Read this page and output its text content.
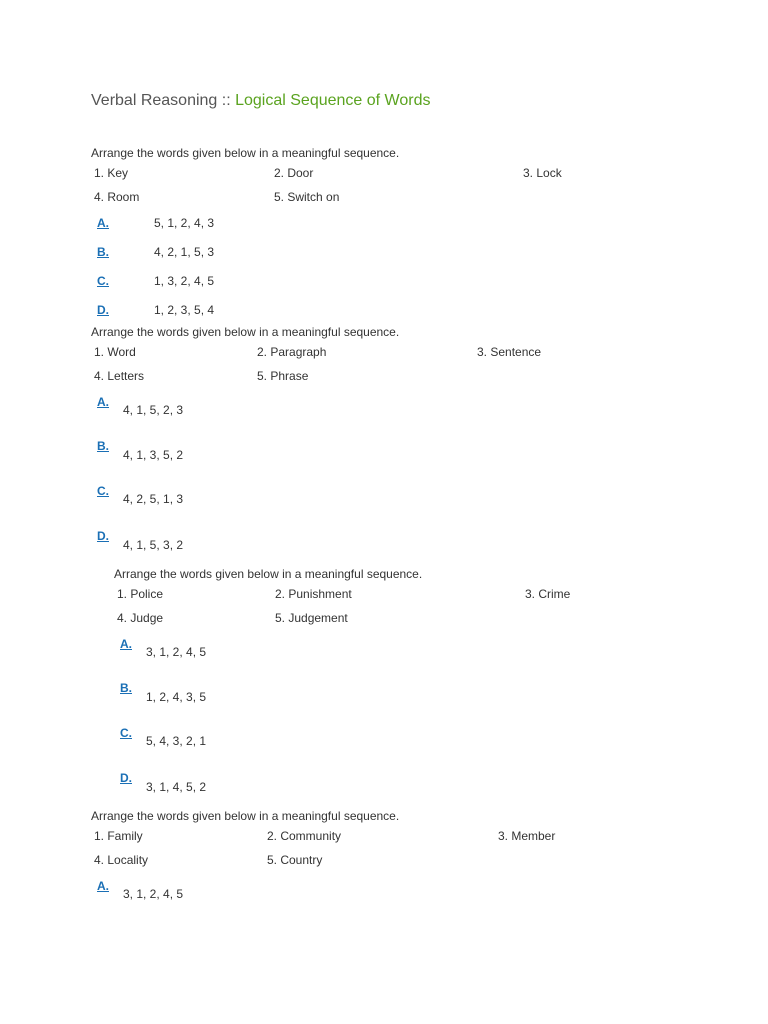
Verbal Reasoning :: Logical Sequence of Words
Arrange the words given below in a meaningful sequence.
1. Key	2. Door	3. Lock
4. Room	5. Switch on
A.	5, 1, 2, 4, 3
B.	4, 2, 1, 5, 3
C.	1, 3, 2, 4, 5
D.	1, 2, 3, 5, 4
Arrange the words given below in a meaningful sequence.
1. Word	2. Paragraph	3. Sentence
4. Letters	5. Phrase
A.
4, 1, 5, 2, 3
B.
4, 1, 3, 5, 2
C.
4, 2, 5, 1, 3
D.
4, 1, 5, 3, 2
Arrange the words given below in a meaningful sequence.
1. Police	2. Punishment	3. Crime
4. Judge	5. Judgement
A.
3, 1, 2, 4, 5
B.
1, 2, 4, 3, 5
C.
5, 4, 3, 2, 1
D.
3, 1, 4, 5, 2
Arrange the words given below in a meaningful sequence.
1. Family	2. Community	3. Member
4. Locality	5. Country
A.
3, 1, 2, 4, 5
